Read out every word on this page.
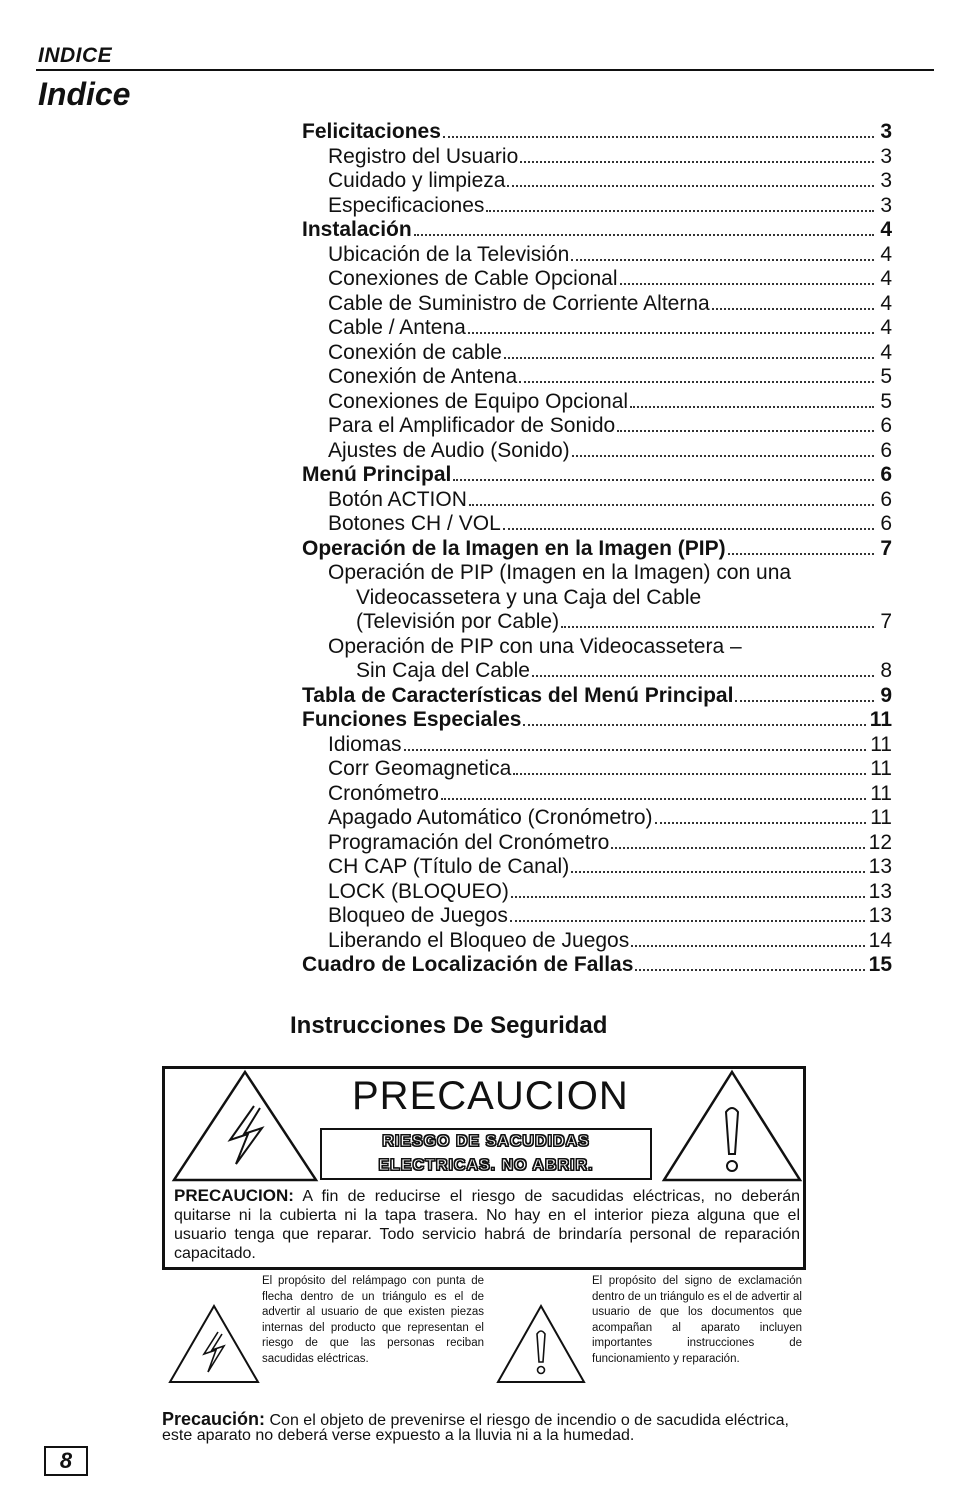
INDICE
Indice
Felicitaciones	3
Registro del Usuario	3
Cuidado y limpieza	3
Especificaciones	3
Instalación	4
Ubicación de la Televisión	4
Conexiones de Cable Opcional	4
Cable de Suministro de Corriente Alterna	4
Cable / Antena	4
Conexión de cable	4
Conexión de Antena	5
Conexiones de Equipo Opcional	5
Para el Amplificador de Sonido	6
Ajustes de Audio (Sonido)	6
Menú Principal	6
Botón ACTION	6
Botones CH / VOL	6
Operación de la Imagen en la Imagen (PIP)	7
Operación de PIP (Imagen en la Imagen) con una
Videocassetera y una Caja del Cable
(Televisión por Cable)	7
Operación de PIP con una Videocassetera –
Sin Caja del Cable	8
Tabla de Características del Menú Principal	9
Funciones Especiales	11
Idiomas	11
Corr Geomagnetica	11
Cronómetro	11
Apagado Automático (Cronómetro)	11
Programación del Cronómetro	12
CH CAP (Título de Canal)	13
LOCK (BLOQUEO)	13
Bloqueo de Juegos	13
Liberando el Bloqueo de Juegos	14
Cuadro de Localización de Fallas	15
Instrucciones De Seguridad
PRECAUCION
RIESGO DE SACUDIDAS
ELECTRICAS. NO ABRIR.
PRECAUCION: A fin de reducirse el riesgo de sacudidas eléctricas, no deberán quitarse ni la cubierta ni la tapa trasera. No hay en el interior pieza alguna que el usuario tenga que reparar. Todo servicio habrá de brindaría personal de reparación capacitado.
El propósito del relámpago con punta de flecha dentro de un triángulo es el de advertir al usuario de que existen piezas internas del producto que representan el riesgo de que las personas reciban sacudidas eléctricas.
El propósito del signo de exclamación dentro de un triángulo es el de advertir al usuario de que los documentos que acompañan al aparato incluyen importantes instrucciones de funcionamiento y reparación.
Precaución: Con el objeto de prevenirse el riesgo de incendio o de sacudida eléctrica, este aparato no deberá verse expuesto a la lluvia ni a la humedad.
8
